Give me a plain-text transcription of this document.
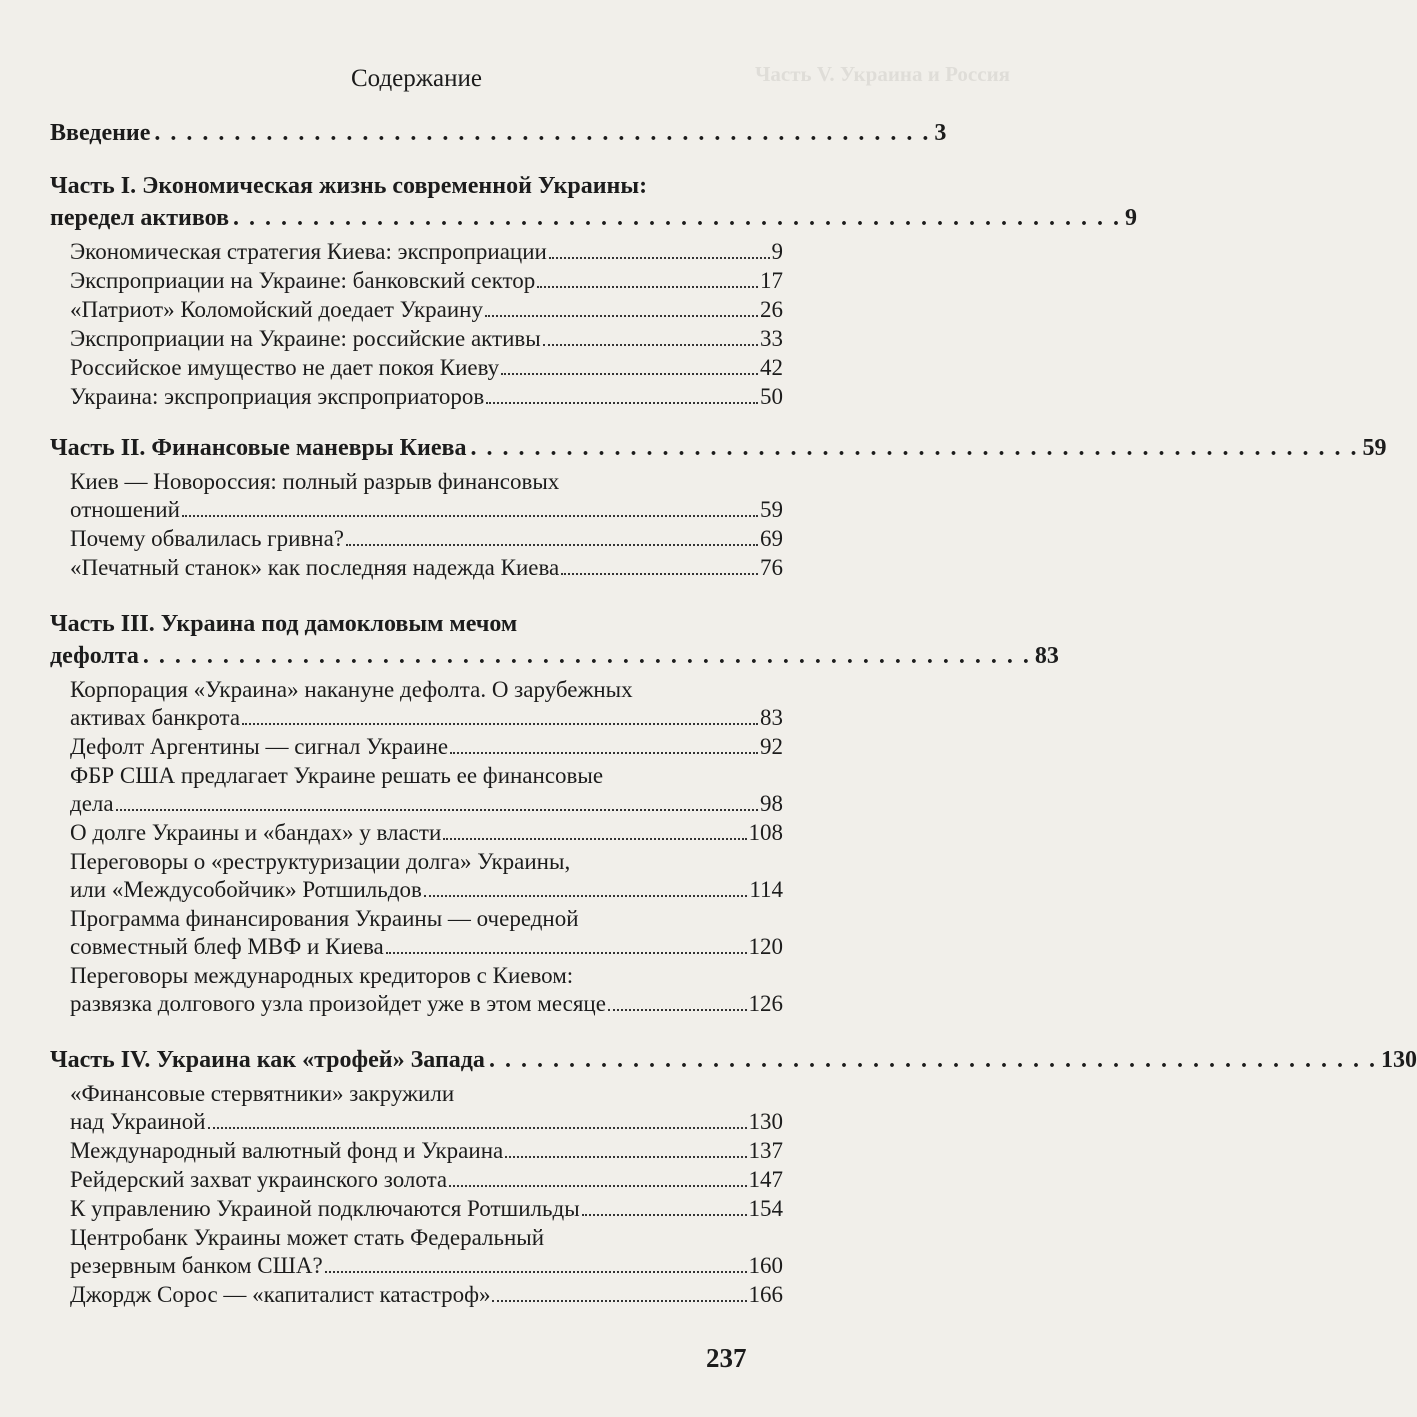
Часть V. Украина и Россия
Содержание
Введение . . . . . . . . . . . . . . . . . . . . . . . . . . . . . . . . . . . . . . . . . . . . . . . . . 3
Часть I. Экономическая жизнь современной Украины:
передел активов . . . . . . . . . . . . . . . . . . . . . . . . . . . . . . . . . . . . . . . . . . . . . . . . . . . . . . . . 9
Экономическая стратегия Киева: экспроприации	9
Экспроприации на Украине: банковский сектор	17
«Патриот» Коломойский доедает Украину	26
Экспроприации на Украине: российские активы	33
Российское имущество не дает покоя Киеву	42
Украина: экспроприация экспроприаторов	50
Часть II. Финансовые маневры Киева . . . . . . . . . . . . . . . . . . . . . . . . . . . . . . . . . . . . . . . . . . . . . . . . . . . . . . . . 59
Киев — Новороссия: полный разрыв финансовых
отношений	59
Почему обвалилась гривна?	69
«Печатный станок» как последняя надежда Киева	76
Часть III. Украина под дамокловым мечом
дефолта . . . . . . . . . . . . . . . . . . . . . . . . . . . . . . . . . . . . . . . . . . . . . . . . . . . . . . . . 83
Корпорация «Украина» накануне дефолта. О зарубежных
активах банкрота	83
Дефолт Аргентины — сигнал Украине	92
ФБР США предлагает Украине решать ее финансовые
дела	98
О долге Украины и «бандах» у власти	108
Переговоры о «реструктуризации долга» Украины,
или «Междусобойчик» Ротшильдов	114
Программа финансирования Украины — очередной
совместный блеф МВФ и Киева	120
Переговоры международных кредиторов с Киевом:
развязка долгового узла произойдет уже в этом месяце	126
Часть IV. Украина как «трофей» Запада . . . . . . . . . . . . . . . . . . . . . . . . . . . . . . . . . . . . . . . . . . . . . . . . . . . . . . . . 130
«Финансовые стервятники» закружили
над Украиной	130
Международный валютный фонд и Украина	137
Рейдерский захват украинского золота	147
К управлению Украиной подключаются Ротшильды	154
Центробанк Украины может стать Федеральный
резервным банком США?	160
Джордж Сорос — «капиталист катастроф»	166
237
